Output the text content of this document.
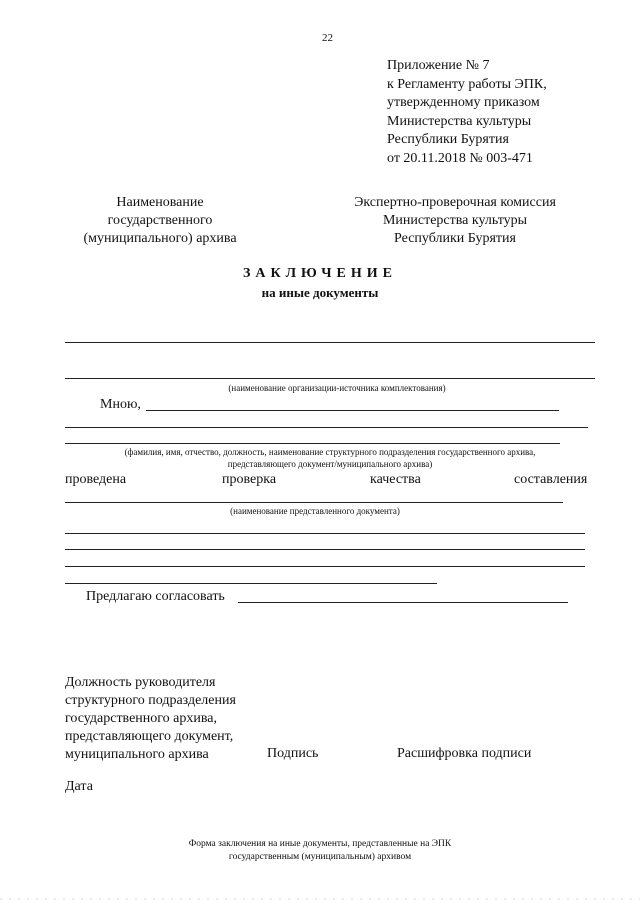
22
Приложение № 7
к Регламенту работы ЭПК,
утвержденному приказом
Министерства культуры
Республики Бурятия
от 20.11.2018 № 003-471
Наименование
государственного
(муниципального) архива
Экспертно-проверочная комиссия
Министерства культуры
Республики Бурятия
ЗАКЛЮЧЕНИЕ
на иные документы
(наименование организации-источника комплектования)
Мною,
(фамилия, имя, отчество, должность, наименование структурного подразделения государственного архива,
представляющего документ/муниципального архива)
проведена	проверка	качества	составления
(наименование представленного документа)
Предлагаю согласовать
Должность руководителя
структурного подразделения
государственного архива,
представляющего документ,
муниципального архива	Подпись	Расшифровка подписи
Дата
Форма заключения на иные документы, представленные на ЭПК
государственным (муниципальным) архивом
